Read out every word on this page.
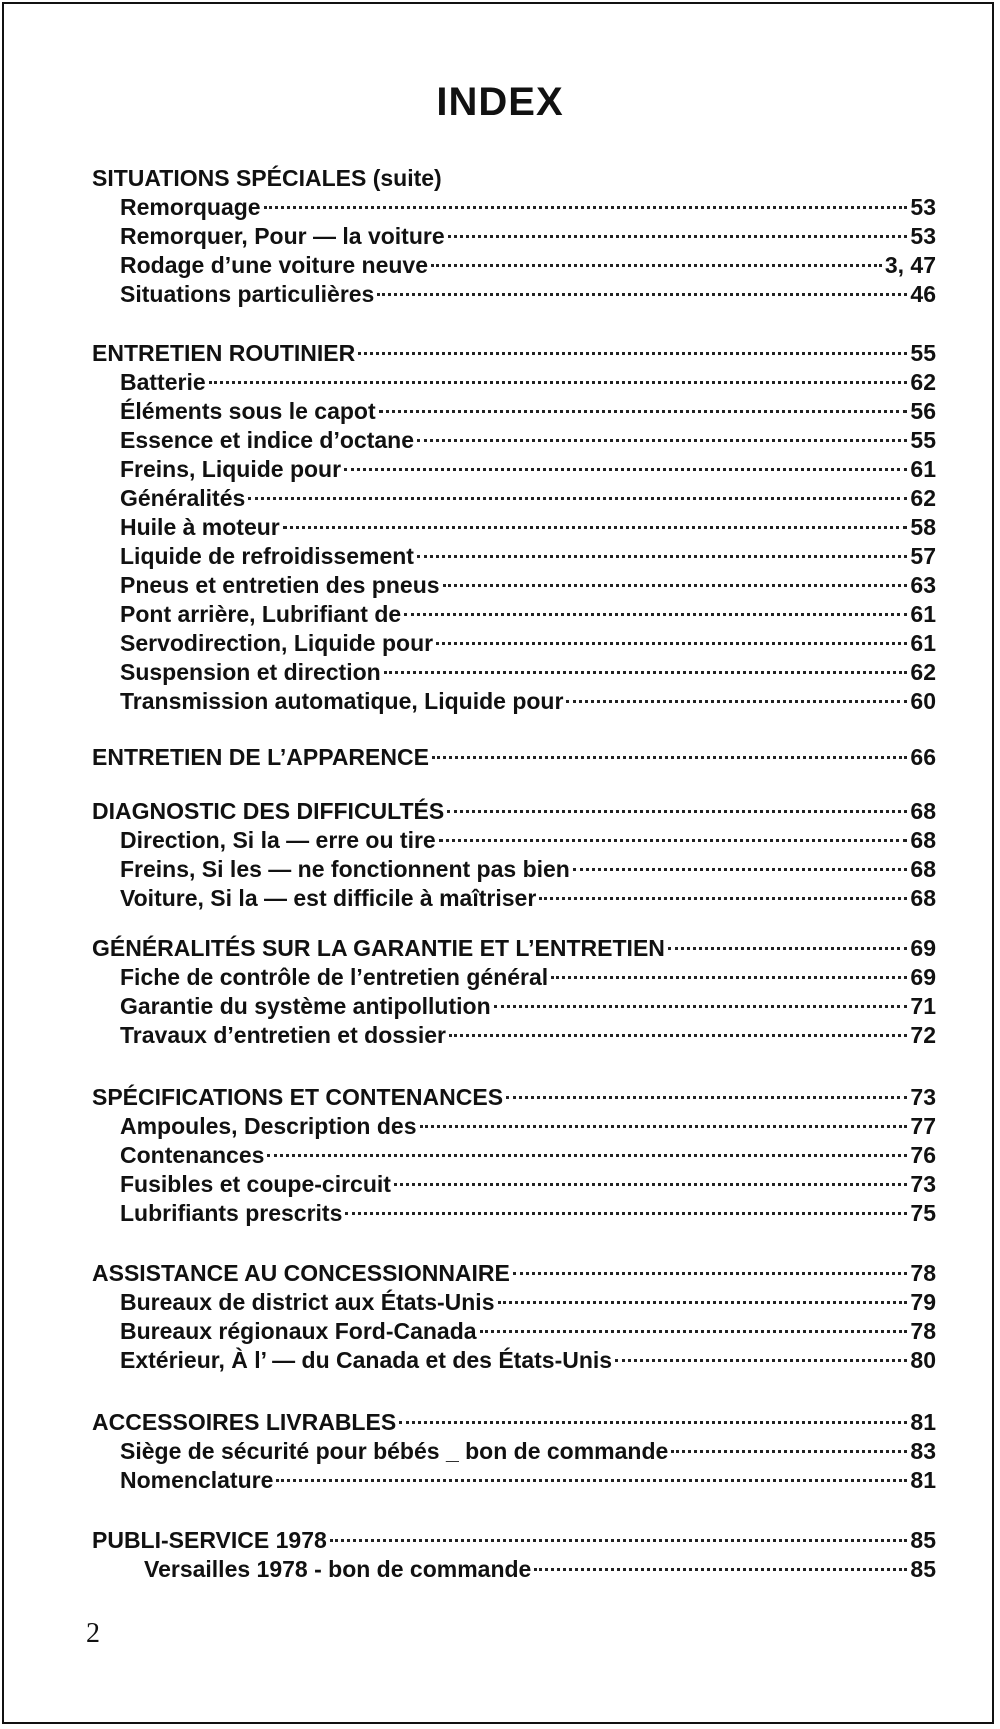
INDEX
SITUATIONS SPÉCIALES (suite)
Remorquage	53
Remorquer, Pour — la voiture	53
Rodage d’une voiture neuve	3, 47
Situations particulières	46
ENTRETIEN ROUTINIER	55
Batterie	62
Éléments sous le capot	56
Essence et indice d’octane	55
Freins, Liquide pour	61
Généralités	62
Huile à moteur	58
Liquide de refroidissement	57
Pneus et entretien des pneus	63
Pont arrière, Lubrifiant de	61
Servodirection, Liquide pour	61
Suspension et direction	62
Transmission automatique, Liquide pour	60
ENTRETIEN DE L’APPARENCE	66
DIAGNOSTIC DES DIFFICULTÉS	68
Direction, Si la — erre ou tire	68
Freins, Si les — ne fonctionnent pas bien	68
Voiture, Si la — est difficile à maîtriser	68
GÉNÉRALITÉS SUR LA GARANTIE ET L’ENTRETIEN	69
Fiche de contrôle de l’entretien général	69
Garantie du système antipollution	71
Travaux d’entretien et dossier	72
SPÉCIFICATIONS ET CONTENANCES	73
Ampoules, Description des	77
Contenances	76
Fusibles et coupe-circuit	73
Lubrifiants prescrits	75
ASSISTANCE AU CONCESSIONNAIRE	78
Bureaux de district aux États-Unis	79
Bureaux régionaux Ford-Canada	78
Extérieur, À l’ — du Canada et des États-Unis	80
ACCESSOIRES LIVRABLES	81
Siège de sécurité pour bébés _ bon de commande	83
Nomenclature	81
PUBLI-SERVICE 1978	85
Versailles 1978 - bon de commande	85
2
